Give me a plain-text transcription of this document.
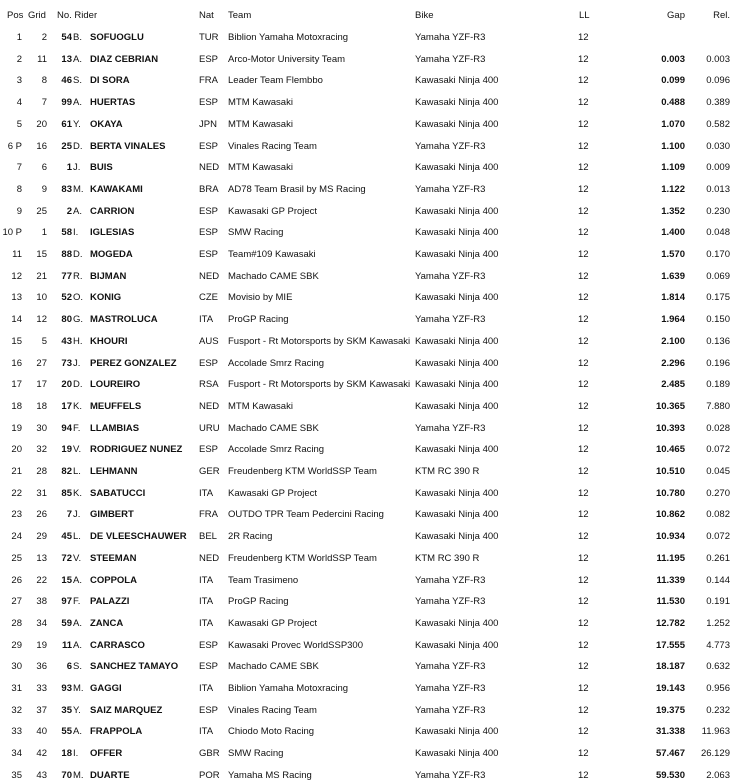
Pos Grid No. Rider	Nat Team	Bike	LL	Gap	Rel.
1	2	54 B. SOFUOGLU	TUR Biblion Yamaha Motoxracing	Yamaha YZF-R3	12
2	11	13 A. DIAZ CEBRIAN	ESP Arco-Motor University Team	Yamaha YZF-R3	12	0.003	0.003
3	8	46 S. DI SORA	FRA Leader Team Flembbo	Kawasaki Ninja 400	12	0.099	0.096
4	7	99 A. HUERTAS	ESP MTM Kawasaki	Kawasaki Ninja 400	12	0.488	0.389
5	20	61 Y. OKAYA	JPN MTM Kawasaki	Kawasaki Ninja 400	12	1.070	0.582
6 P	16	25 D. BERTA VINALES	ESP Vinales Racing Team	Yamaha YZF-R3	12	1.100	0.030
7	6	1 J. BUIS	NED MTM Kawasaki	Kawasaki Ninja 400	12	1.109	0.009
8	9	83 M. KAWAKAMI	BRA AD78 Team Brasil by MS Racing	Yamaha YZF-R3	12	1.122	0.013
9	25	2 A. CARRION	ESP Kawasaki GP Project	Kawasaki Ninja 400	12	1.352	0.230
10 P	1	58 I. IGLESIAS	ESP SMW Racing	Kawasaki Ninja 400	12	1.400	0.048
11	15	88 D. MOGEDA	ESP Team#109 Kawasaki	Kawasaki Ninja 400	12	1.570	0.170
12	21	77 R. BIJMAN	NED Machado CAME SBK	Yamaha YZF-R3	12	1.639	0.069
13	10	52 O. KONIG	CZE Movisio by MIE	Kawasaki Ninja 400	12	1.814	0.175
14	12	80 G. MASTROLUCA	ITA ProGP Racing	Yamaha YZF-R3	12	1.964	0.150
15	5	43 H. KHOURI	AUS Fusport - Rt Motorsports by SKM Kawasaki Kawasaki Ninja 400	12	2.100	0.136
16	27	73 J. PEREZ GONZALEZ ESP Accolade Smrz Racing	Kawasaki Ninja 400	12	2.296	0.196
17	17	20 D. LOUREIRO	RSA Fusport - Rt Motorsports by SKM Kawasaki Kawasaki Ninja 400	12	2.485	0.189
18	18	17 K. MEUFFELS	NED MTM Kawasaki	Kawasaki Ninja 400	12	10.365	7.880
19	30	94 F. LLAMBIAS	URU Machado CAME SBK	Yamaha YZF-R3	12	10.393	0.028
20	32	19 V. RODRIGUEZ NUNEZ ESP Accolade Smrz Racing	Kawasaki Ninja 400	12	10.465	0.072
21	28	82 L. LEHMANN	GER Freudenberg KTM WorldSSP Team	KTM RC 390 R	12	10.510	0.045
22	31	85 K. SABATUCCI	ITA Kawasaki GP Project	Kawasaki Ninja 400	12	10.780	0.270
23	26	7 J. GIMBERT	FRA OUTDO TPR Team Pedercini Racing	Kawasaki Ninja 400	12	10.862	0.082
24	29	45 L. DE VLEESCHAUWER BEL 2R Racing	Kawasaki Ninja 400	12	10.934	0.072
25	13	72 V. STEEMAN	NED Freudenberg KTM WorldSSP Team	KTM RC 390 R	12	11.195	0.261
26	22	15 A. COPPOLA	ITA Team Trasimeno	Yamaha YZF-R3	12	11.339	0.144
27	38	97 F. PALAZZI	ITA ProGP Racing	Yamaha YZF-R3	12	11.530	0.191
28	34	59 A. ZANCA	ITA Kawasaki GP Project	Kawasaki Ninja 400	12	12.782	1.252
29	19	11 A. CARRASCO	ESP Kawasaki Provec WorldSSP300	Kawasaki Ninja 400	12	17.555	4.773
30	36	6 S. SANCHEZ TAMAYO ESP Machado CAME SBK	Yamaha YZF-R3	12	18.187	0.632
31	33	93 M. GAGGI	ITA Biblion Yamaha Motoxracing	Yamaha YZF-R3	12	19.143	0.956
32	37	35 Y. SAIZ MARQUEZ	ESP Vinales Racing Team	Yamaha YZF-R3	12	19.375	0.232
33	40	55 A. FRAPPOLA	ITA Chiodo Moto Racing	Kawasaki Ninja 400	12	31.338	11.963
34	42	18 I. OFFER	GBR SMW Racing	Kawasaki Ninja 400	12	57.467	26.129
35	43	70 M. DUARTE	POR Yamaha MS Racing	Yamaha YZF-R3	12	59.530	2.063
